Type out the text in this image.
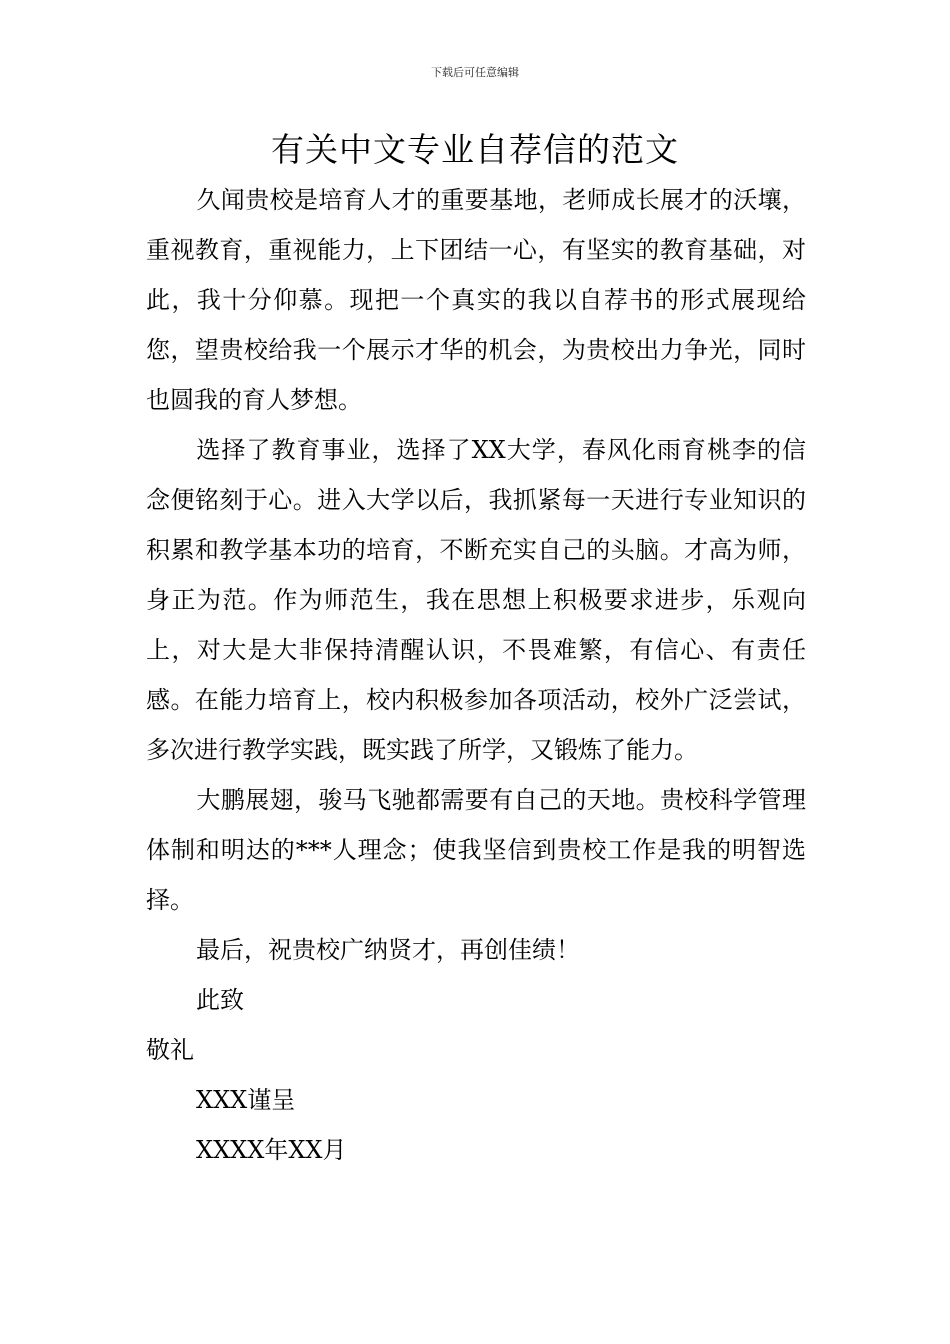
下载后可任意编辑
有关中文专业自荐信的范文

久闻贵校是培育人才的重要基地，老师成长展才的沃壤，重视教育，重视能力，上下团结一心，有坚实的教育基础，对此，我十分仰慕。现把一个真实的我以自荐书的形式展现给您，望贵校给我一个展示才华的机会，为贵校出力争光，同时也圆我的育人梦想。

选择了教育事业，选择了XX大学，春风化雨育桃李的信念便铭刻于心。进入大学以后，我抓紧每一天进行专业知识的积累和教学基本功的培育，不断充实自己的头脑。才高为师，身正为范。作为师范生，我在思想上积极要求进步，乐观向上，对大是大非保持清醒认识，不畏难繁，有信心、有责任感。在能力培育上，校内积极参加各项活动，校外广泛尝试，多次进行教学实践，既实践了所学，又锻炼了能力。

大鹏展翅，骏马飞驰都需要有自己的天地。贵校科学管理体制和明达的***人理念；使我坚信到贵校工作是我的明智选择。

最后，祝贵校广纳贤才，再创佳绩！

此致

敬礼

XXX谨呈

XXXX年XX月
